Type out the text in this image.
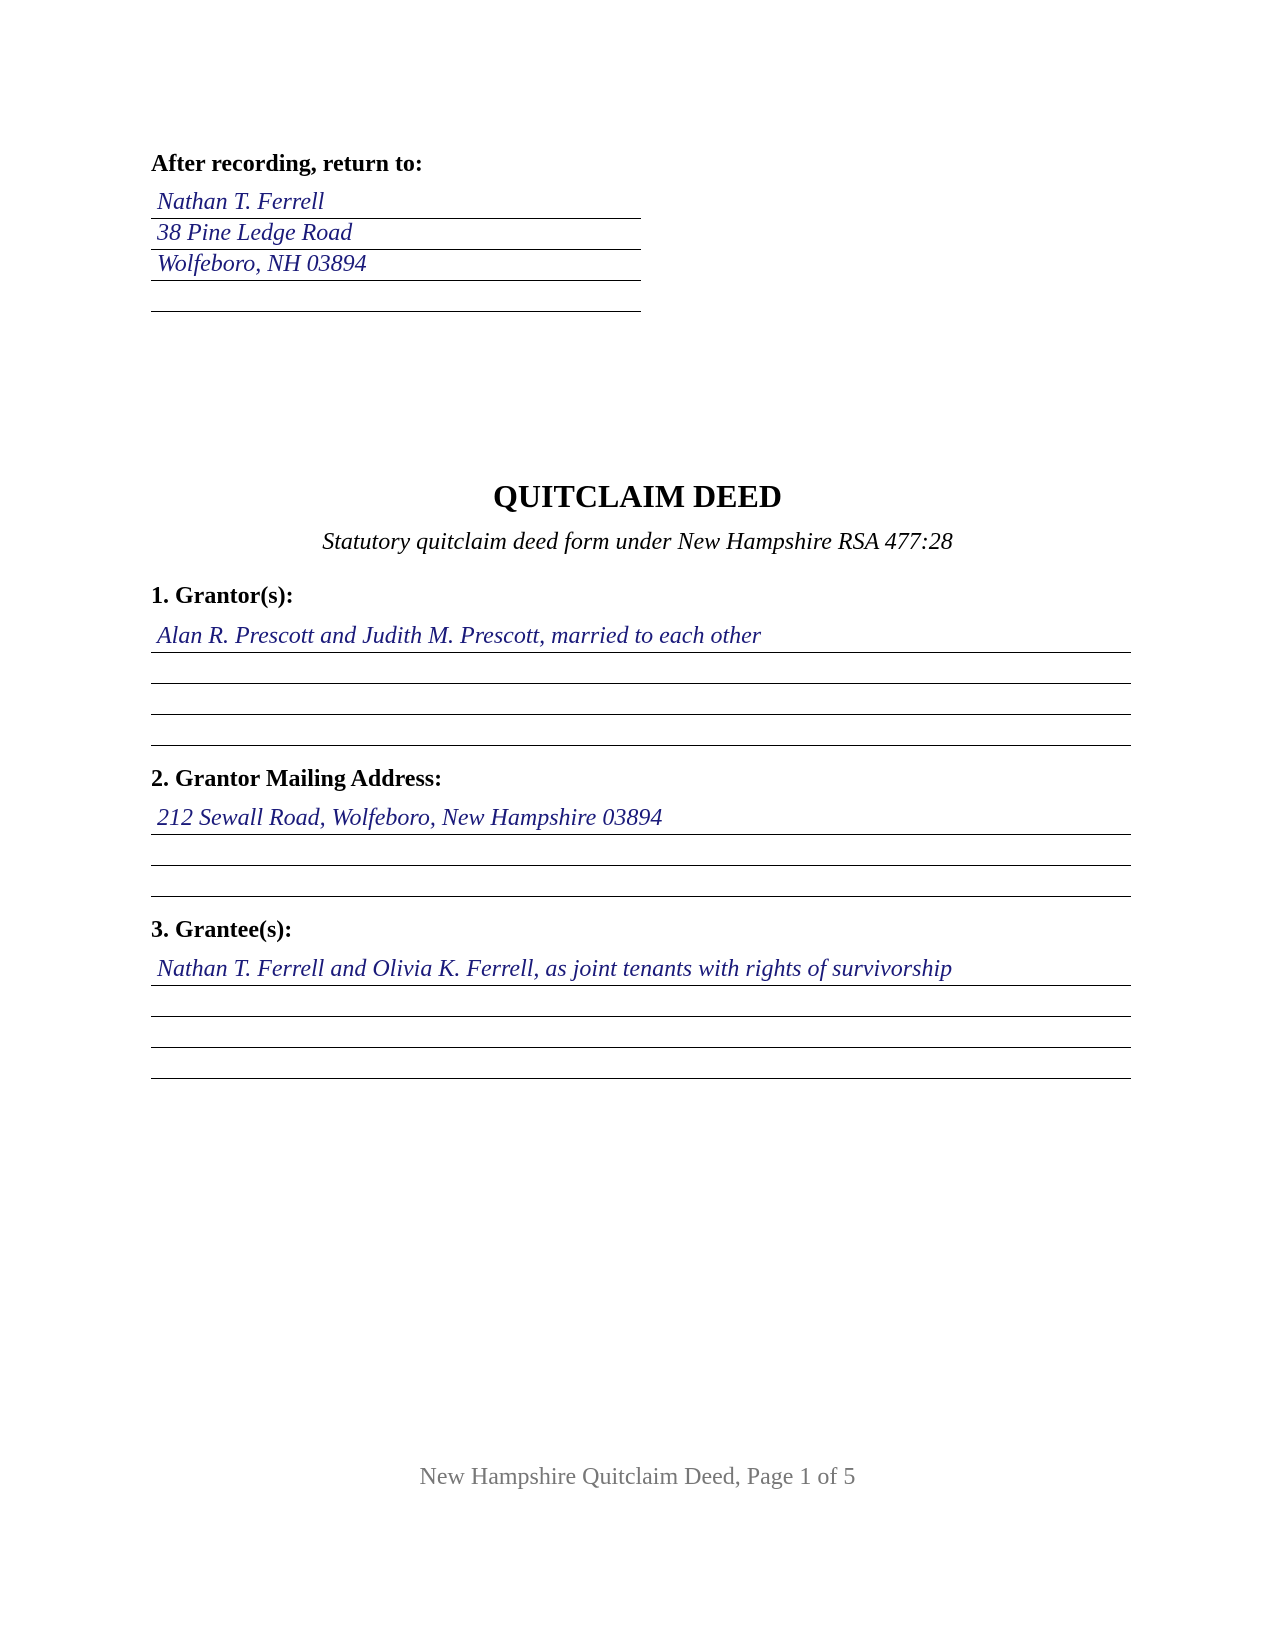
After recording, return to:
Nathan T. Ferrell
38 Pine Ledge Road
Wolfeboro, NH 03894
QUITCLAIM DEED
Statutory quitclaim deed form under New Hampshire RSA 477:28
1. Grantor(s):
Alan R. Prescott and Judith M. Prescott, married to each other
2. Grantor Mailing Address:
212 Sewall Road, Wolfeboro, New Hampshire 03894
3. Grantee(s):
Nathan T. Ferrell and Olivia K. Ferrell, as joint tenants with rights of survivorship
New Hampshire Quitclaim Deed, Page 1 of 5
